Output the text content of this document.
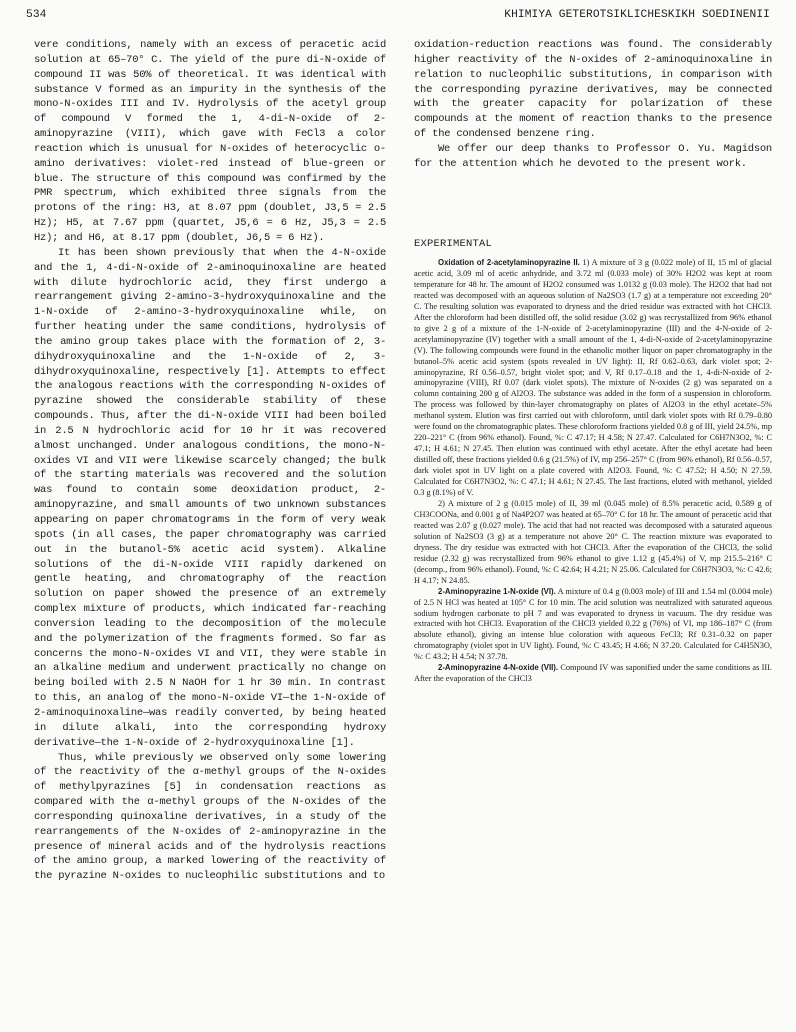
534	KHIMIYA GETEROTSIKLICHESKIKH SOEDINENII

vere conditions, namely with an excess of peracetic acid solution at 65–70° C. The yield of the pure di-N-oxide of compound II was 50% of theoretical. It was identical with substance V formed as an impurity in the synthesis of the mono-N-oxides III and IV. Hydrolysis of the acetyl group of compound V formed the 1, 4-di-N-oxide of 2-aminopyrazine (VIII), which gave with FeCl3 a color reaction which is unusual for N-oxides of heterocyclic o-amino derivatives: violet-red instead of blue-green or blue. The structure of this compound was confirmed by the PMR spectrum, which exhibited three signals from the protons of the ring: H3, at 8.07 ppm (doublet, J3,5 = 2.5 Hz); H5, at 7.67 ppm (quartet, J5,6 = 6 Hz, J5,3 = 2.5 Hz); and H6, at 8.17 ppm (doublet, J6,5 = 6 Hz).

It has been shown previously that when the 4-N-oxide and the 1, 4-di-N-oxide of 2-aminoquinoxaline are heated with dilute hydrochloric acid, they first undergo a rearrangement giving 2-amino-3-hydroxyquinoxaline and the 1-N-oxide of 2-amino-3-hydroxyquinoxaline while, on further heating under the same conditions, hydrolysis of the amino group takes place with the formation of 2, 3-dihydroxyquinoxaline and the 1-N-oxide of 2, 3-dihydroxyquinoxaline, respectively [1]. Attempts to effect the analogous reactions with the corresponding N-oxides of pyrazine showed the considerable stability of these compounds. Thus, after the di-N-oxide VIII had been boiled in 2.5 N hydrochloric acid for 10 hr it was recovered almost unchanged. Under analogous conditions, the mono-N-oxides VI and VII were likewise scarcely changed; the bulk of the starting materials was recovered and the solution was found to contain some deoxidation product, 2-aminopyrazine, and small amounts of two unknown substances appearing on paper chromatograms in the form of very weak spots (in all cases, the paper chromatography was carried out in the butanol-5% acetic acid system). Alkaline solutions of the di-N-oxide VIII rapidly darkened on gentle heating, and chromatography of the reaction solution on paper showed the presence of an extremely complex mixture of products, which indicated far-reaching conversion leading to the decomposition of the molecule and the polymerization of the fragments formed. So far as concerns the mono-N-oxides VI and VII, they were stable in an alkaline medium and underwent practically no change on being boiled with 2.5 N NaOH for 1 hr 30 min. In contrast to this, an analog of the mono-N-oxide VI—the 1-N-oxide of 2-aminoquinoxaline—was readily converted, by being heated in dilute alkali, into the corresponding hydroxy derivative—the 1-N-oxide of 2-hydroxyquinoxaline [1].

Thus, while previously we observed only some lowering of the reactivity of the α-methyl groups of the N-oxides of methylpyrazines [5] in condensation reactions as compared with the α-methyl groups of the N-oxides of the corresponding quinoxaline derivatives, in a study of the rearrangements of the N-oxides of 2-aminopyrazine in the presence of mineral acids and of the hydrolysis reactions of the amino group, a marked lowering of the reactivity of the pyrazine N-oxides to nucleophilic substitutions and to

oxidation-reduction reactions was found. The considerably higher reactivity of the N-oxides of 2-aminoquinoxaline in relation to nucleophilic substitutions, in comparison with the corresponding pyrazine derivatives, may be connected with the greater capacity for polarization of these compounds at the moment of reaction thanks to the presence of the condensed benzene ring.

We offer our deep thanks to Professor O. Yu. Magidson for the attention which he devoted to the present work.

EXPERIMENTAL

Oxidation of 2-acetylaminopyrazine II. 1) A mixture of 3 g (0.022 mole) of II, 15 ml of glacial acetic acid, 3.09 ml of acetic anhydride, and 3.72 ml (0.033 mole) of 30% H2O2 was kept at room temperature for 48 hr. The amount of H2O2 consumed was 1.0132 g (0.03 mole). The H2O2 that had not reacted was decomposed with an aqueous solution of Na2SO3 (1.7 g) at a temperature not exceeding 20° C. The resulting solution was evaporated to dryness and the dried residue was extracted with hot CHCl3. After the chloroform had been distilled off, the solid residue (3.02 g) was recrystallized from 96% ethanol to give 2 g of a mixture of the 1-N-oxide of 2-acetylaminopyrazine (III) and the 4-N-oxide of 2-acetylaminopyrazine (IV) together with a small amount of the 1, 4-di-N-oxide of 2-acetylaminopyrazine (V). The following compounds were found in the ethanolic mother liquor on paper chromatography in the butanol–5% acetic acid system (spots revealed in UV light): II, Rf 0.62–0.63, dark violet spot; 2-aminopyrazine, Rf 0.56–0.57, bright violet spot; and V, Rf 0.17–0.18 and the 1, 4-di-N-oxide of 2-aminopyrazine (VIII), Rf 0.07 (dark violet spots). The mixture of N-oxides (2 g) was separated on a column containing 200 g of Al2O3. The substance was added in the form of a suspension in chloroform. The process was followed by thin-layer chromatography on plates of Al2O3 in the ethyl acetate–5% methanol system. Elution was first carried out with chloroform, until dark violet spots with Rf 0.79–0.80 were found on the chromatographic plates. These chloroform fractions yielded 0.8 g of III, yield 24.5%, mp 220–221° C (from 96% ethanol). Found, %: C 47.17; H 4.58; N 27.47. Calculated for C6H7N3O2, %: C 47.1; H 4.61; N 27.45. Then elution was continued with ethyl acetate. After the ethyl acetate had been distilled off, these fractions yielded 0.6 g (21.5%) of IV, mp 256–257° C (from 96% ethanol), Rf 0.56–0.57, dark violet spot in UV light on a plate covered with Al2O3. Found, %: C 47.52; H 4.50; N 27.59. Calculated for C6H7N3O2, %: C 47.1; H 4.61; N 27.45. The last fractions, eluted with methanol, yielded 0.3 g (8.1%) of V.

2) A mixture of 2 g (0.015 mole) of II, 39 ml (0.045 mole) of 8.5% peracetic acid, 0.589 g of CH3COONa, and 0.001 g of Na4P2O7 was heated at 65–70° C for 18 hr. The amount of peracetic acid that reacted was 2.07 g (0.027 mole). The acid that had not reacted was decomposed with a saturated aqueous solution of Na2SO3 (3 g) at a temperature not above 20° C. The reaction mixture was evaporated to dryness. The dry residue was extracted with hot CHCl3. After the evaporation of the CHCl3, the solid residue (2.32 g) was recrystallized from 96% ethanol to give 1.12 g (45.4%) of V, mp 215.5–216° C (decomp., from 96% ethanol). Found, %: C 42.64; H 4.21; N 25.06. Calculated for C6H7N3O3, %: C 42.6; H 4.17; N 24.85.

2-Aminopyrazine 1-N-oxide (VI). A mixture of 0.4 g (0.003 mole) of III and 1.54 ml (0.004 mole) of 2.5 N HCl was heated at 105° C for 10 min. The acid solution was neutralized with saturated aqueous sodium hydrogen carbonate to pH 7 and was evaporated to dryness in vacuum. The dry residue was extracted with hot CHCl3. Evaporation of the CHCl3 yielded 0.22 g (76%) of VI, mp 186–187° C (from absolute ethanol), giving an intense blue coloration with aqueous FeCl3; Rf 0.31–0.32 on paper chromatography (violet spot in UV light). Found, %: C 43.45; H 4.66; N 37.20. Calculated for C4H5N3O, %: C 43.2; H 4.54; N 37.78.

2-Aminopyrazine 4-N-oxide (VII). Compound IV was saponified under the same conditions as III. After the evaporation of the CHCl3
